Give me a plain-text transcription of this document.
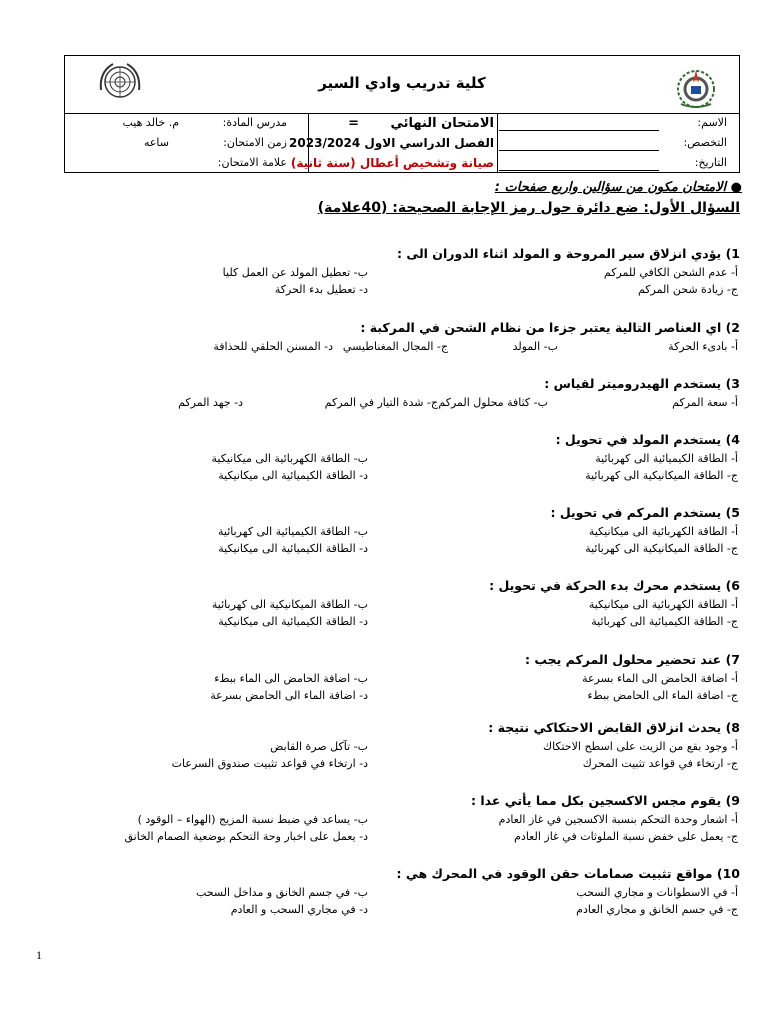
كلية تدريب وادي السير
الاسم:
الامتحان النهائي
=
مدرس المادة:
م. خالد هيب
التخصص:
الفصل الدراسي الاول 2023/2024
زمن الامتحان:
ساعه
التاريخ:
صيانة وتشخيص أعطال (سنة ثانية)
علامة الامتحان:
● الامتحان مكون من سؤالين واربع صفحات :
السؤال الأول: ضع دائرة حول رمز الإجابة الصحيحة: (40علامة)
1) يؤدي انزلاق سير المروحة و المولد اثناء الدوران الى :
أ- عدم الشحن الكافي للمركم
ب- تعطيل المولد عن العمل كليا
ج- زيادة شحن المركم
د- تعطيل بدء الحركة
2) اي العناصر التالية يعتبر جزءا من نظام الشحن في المركبة :
أ- بادىء الحركة
ب- المولد
ج- المجال المغناطيسي
د- المسنن الحلقي للحذافة
3) يستخدم الهيدروميتر لقياس :
أ- سعة المركم
ب- كثافة محلول المركم
ج- شدة التيار في المركم
د- جهد المركم
4) يستخدم المولد في تحويل :
أ- الطاقة الكيميائية الى كهربائية
ب- الطاقة الكهربائية الى ميكانيكية
ج- الطاقة الميكانيكية الى كهربائية
د- الطاقة الكيميائية الى ميكانيكية
5) يستخدم المركم في تحويل :
أ- الطاقة الكهربائية الى ميكانيكية
ب- الطاقة الكيميائية الى كهربائية
ج- الطاقة الميكانيكية الى كهربائية
د- الطاقة الكيميائية الى ميكانيكية
6) يستخدم محرك بدء الحركة في تحويل :
أ- الطاقة الكهربائية الى ميكانيكية
ب- الطاقة الميكانيكية الى كهربائية
ج- الطاقة الكيميائية الى كهربائية
د- الطاقة الكيميائية الى ميكانيكية
7) عند تحضير محلول المركم يجب :
أ- اضافة الحامض الى الماء بسرعة
ب- اضافة الحامض الى الماء ببطء
ج- اضافة الماء الى الحامض ببطء
د- اضافة الماء الى الحامض بسرعة
8) يحدث انزلاق القابض الاحتكاكي نتيجة :
أ- وجود بقع من الزيت على اسطح الاحتكاك
ب- تآكل صرة القابض
ج- ارتخاء في قواعد تثبيت المحرك
د- ارتخاء في قواعد تثبيت صندوق السرعات
9) يقوم مجس الاكسجين بكل مما يأتي عدا :
أ- اشعار وحدة التحكم بنسبة الاكسجين في غاز العادم
ب- يساعد في ضبط نسبة المزيج (الهواء – الوقود )
ج- يعمل على خفض نسبة الملوثات في غاز العادم
د- يعمل على اخبار وحة التحكم بوضعية الصمام الخانق
10) مواقع تثبيت صمامات حقن الوقود في المحرك هي :
أ- في الاسطوانات و مجاري السحب
ب- في جسم الخانق و مداخل السحب
ج- في جسم الخانق و مجاري العادم
د- في مجاري السحب و العادم
1
